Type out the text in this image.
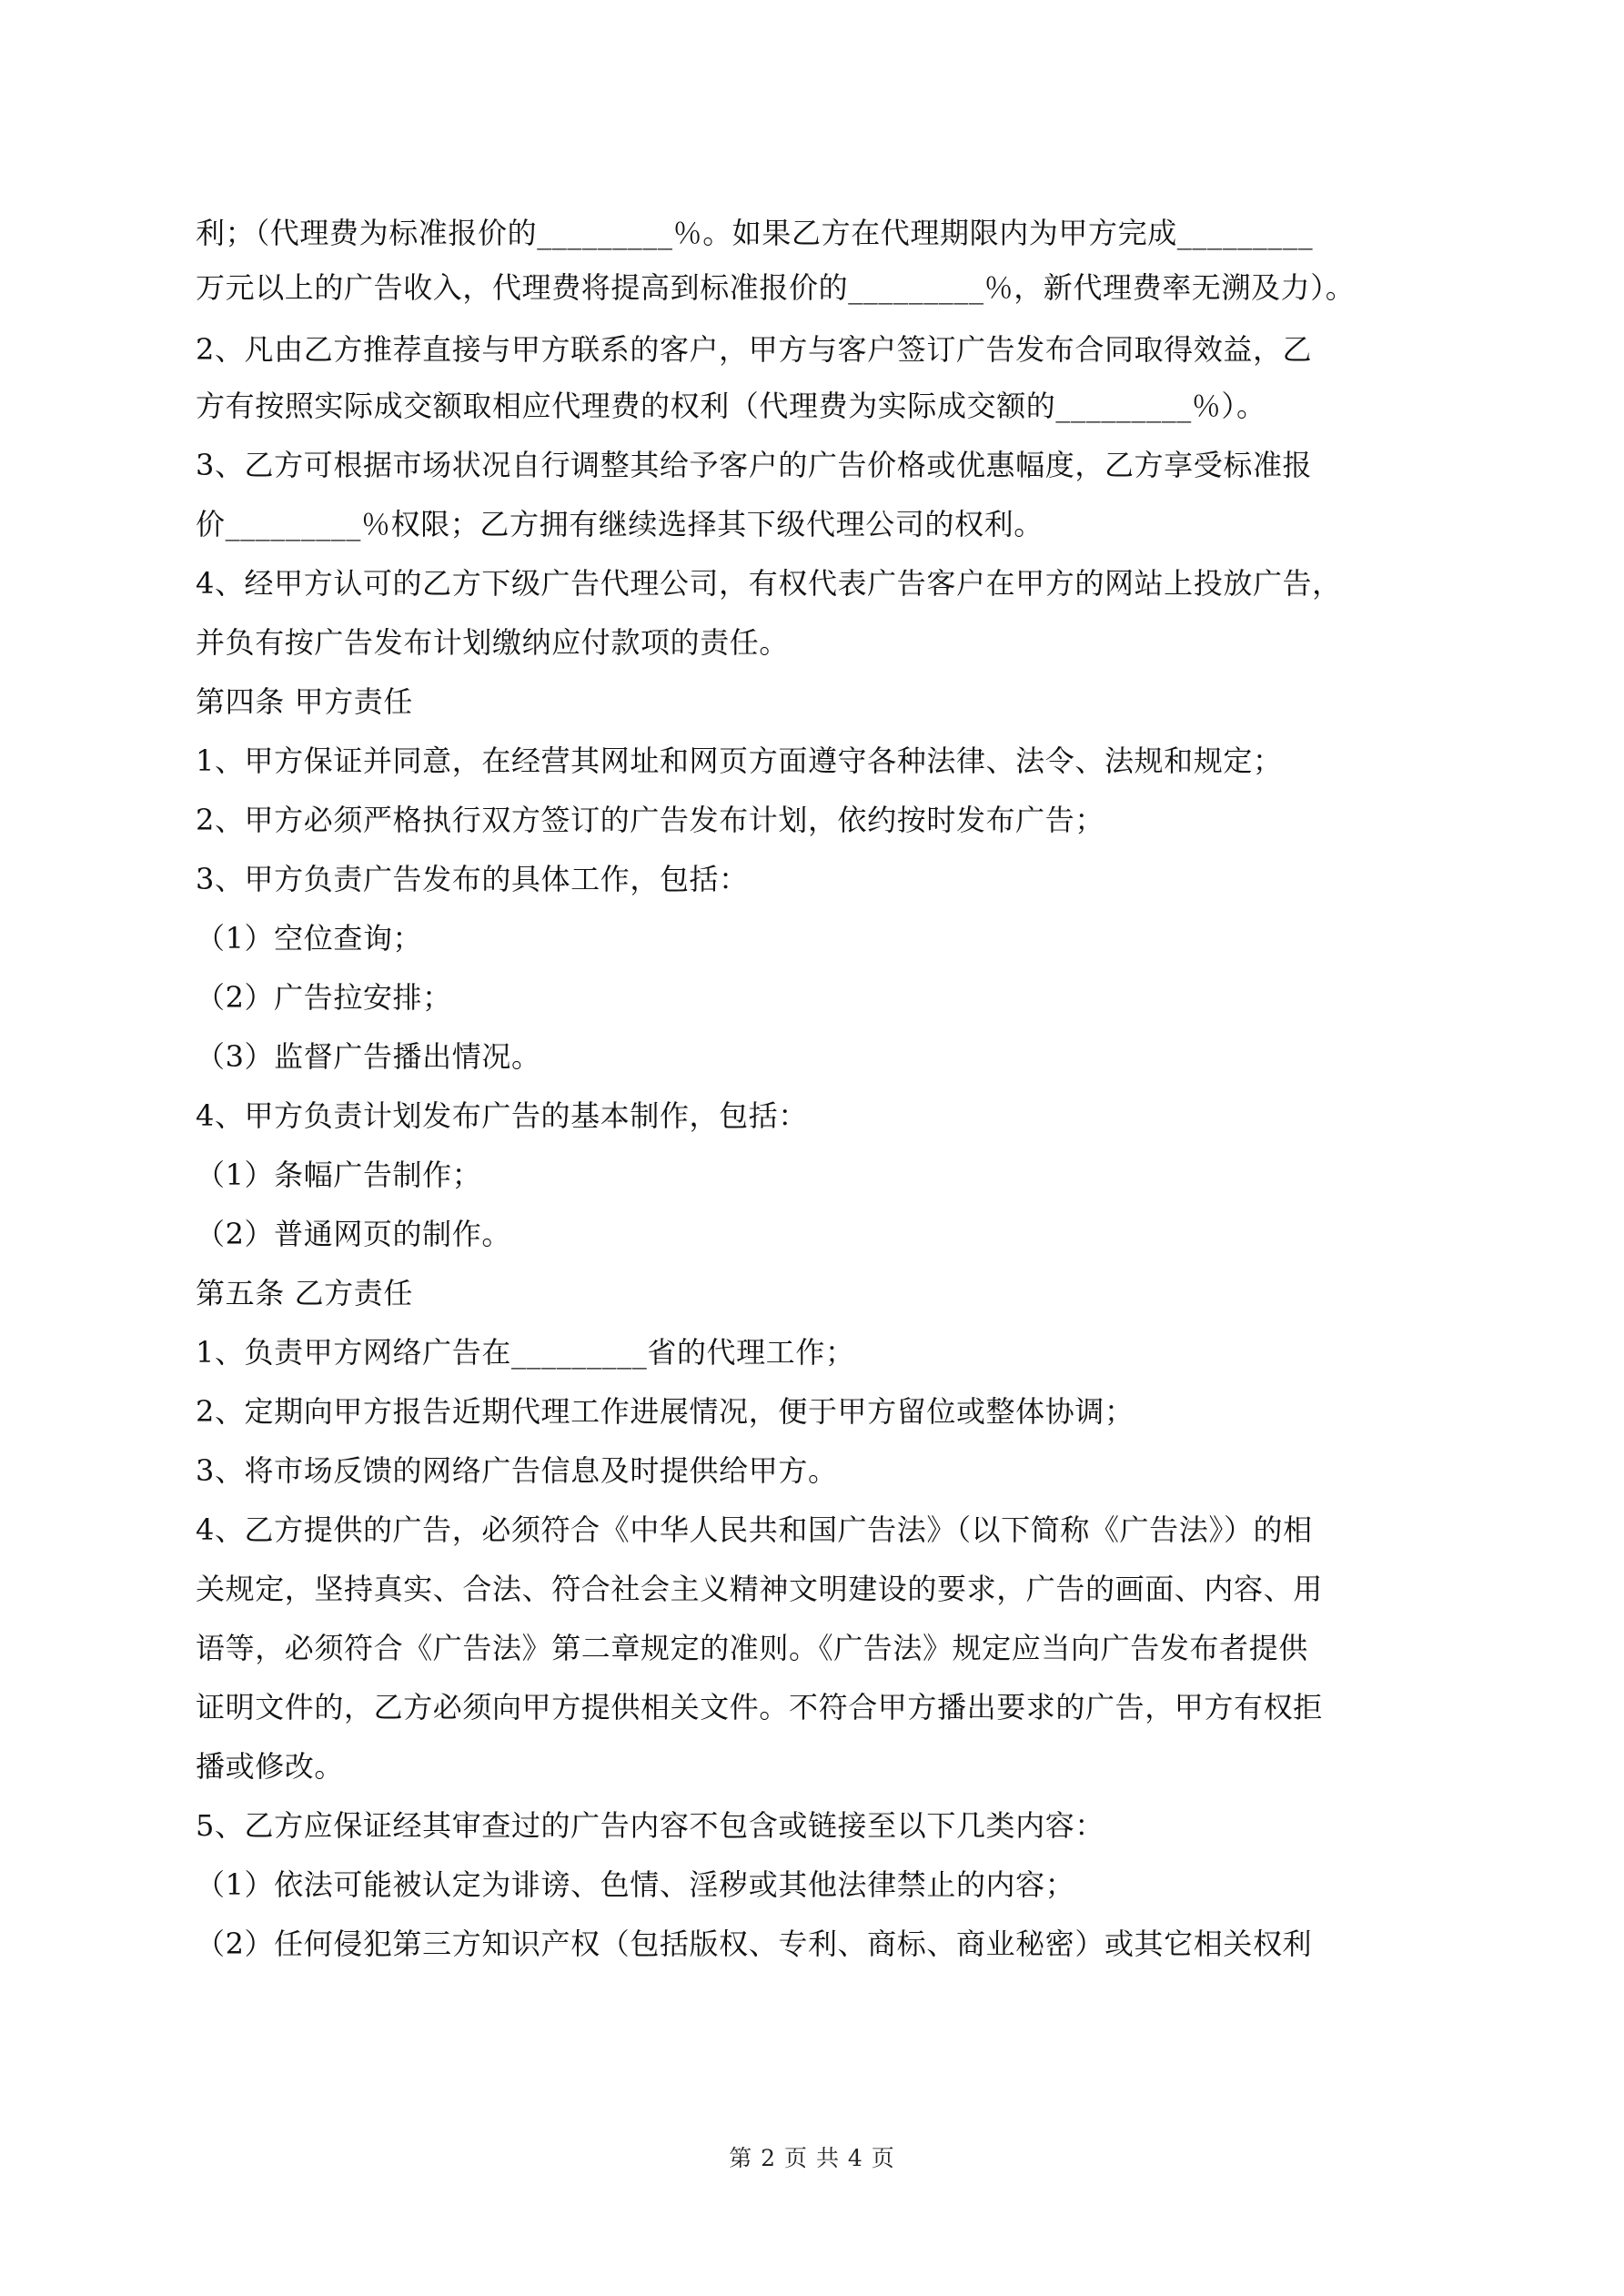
利；（代理费为标准报价的_________％。如果乙方在代理期限内为甲方完成_________
万元以上的广告收入，代理费将提高到标准报价的_________％，新代理费率无溯及力）。
2、凡由乙方推荐直接与甲方联系的客户，甲方与客户签订广告发布合同取得效益，乙
方有按照实际成交额取相应代理费的权利（代理费为实际成交额的_________％）。
3、乙方可根据市场状况自行调整其给予客户的广告价格或优惠幅度，乙方享受标准报
价_________％权限；乙方拥有继续选择其下级代理公司的权利。
4、经甲方认可的乙方下级广告代理公司，有权代表广告客户在甲方的网站上投放广告，
并负有按广告发布计划缴纳应付款项的责任。
第四条 甲方责任
1、甲方保证并同意，在经营其网址和网页方面遵守各种法律、法令、法规和规定；
2、甲方必须严格执行双方签订的广告发布计划，依约按时发布广告；
3、甲方负责广告发布的具体工作，包括：
（1）空位查询；
（2）广告拉安排；
（3）监督广告播出情况。
4、甲方负责计划发布广告的基本制作，包括：
（1）条幅广告制作；
（2）普通网页的制作。
第五条 乙方责任
1、负责甲方网络广告在_________省的代理工作；
2、定期向甲方报告近期代理工作进展情况，便于甲方留位或整体协调；
3、将市场反馈的网络广告信息及时提供给甲方。
4、乙方提供的广告，必须符合《中华人民共和国广告法》（以下简称《广告法》）的相
关规定，坚持真实、合法、符合社会主义精神文明建设的要求，广告的画面、内容、用
语等，必须符合《广告法》第二章规定的准则。《广告法》规定应当向广告发布者提供
证明文件的，乙方必须向甲方提供相关文件。不符合甲方播出要求的广告，甲方有权拒
播或修改。
5、乙方应保证经其审查过的广告内容不包含或链接至以下几类内容：
（1）依法可能被认定为诽谤、色情、淫秽或其他法律禁止的内容；
（2）任何侵犯第三方知识产权（包括版权、专利、商标、商业秘密）或其它相关权利
第 2 页 共 4 页
